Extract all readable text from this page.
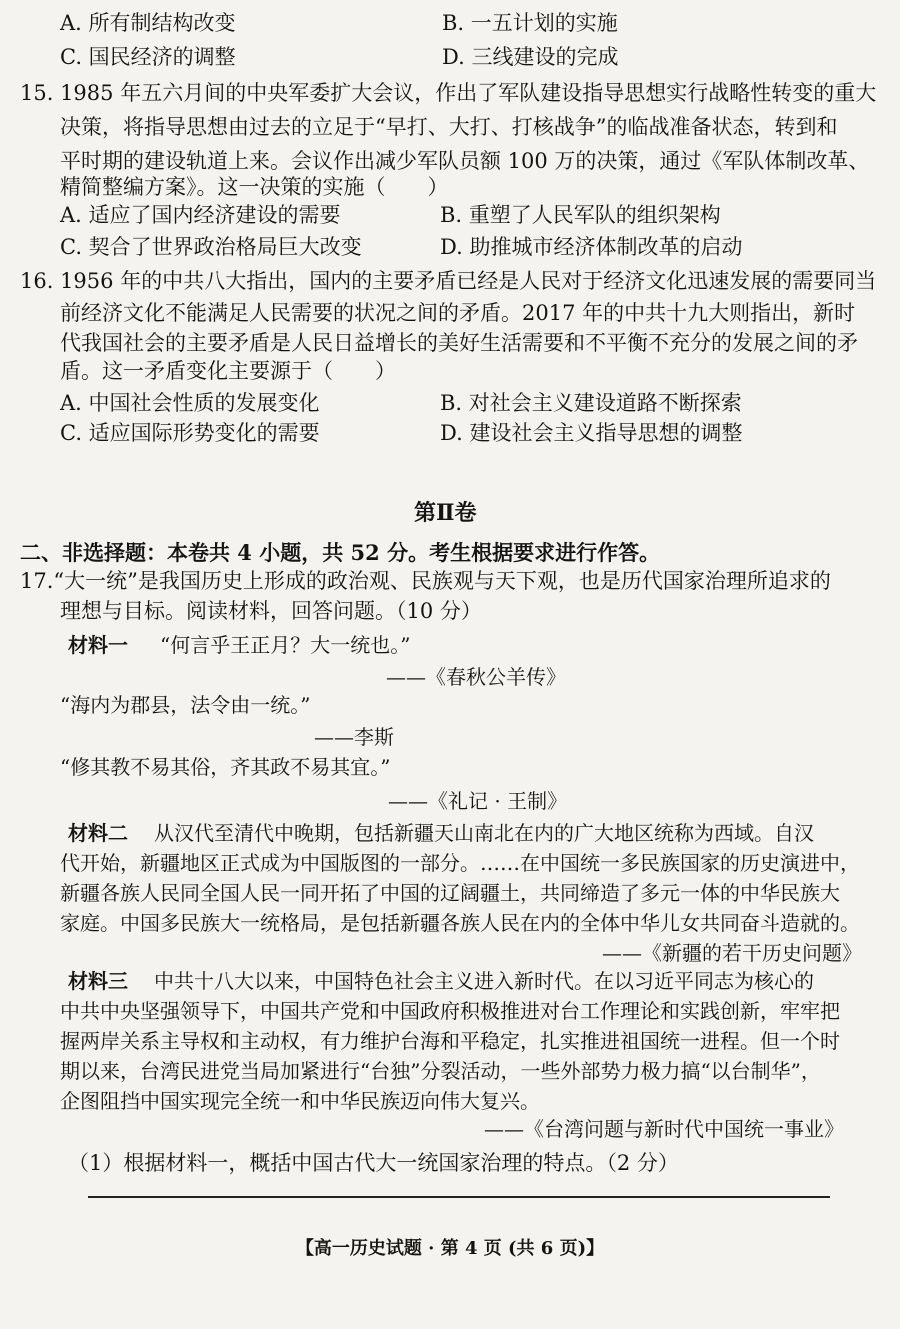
A. 所有制结构改变	B. 一五计划的实施
C. 国民经济的调整	D. 三线建设的完成
15. 1985 年五六月间的中央军委扩大会议，作出了军队建设指导思想实行战略性转变的重大
决策，将指导思想由过去的立足于“早打、大打、打核战争”的临战准备状态，转到和
平时期的建设轨道上来。会议作出减少军队员额 100 万的决策，通过《军队体制改革、
精简整编方案》。这一决策的实施（　　）
A. 适应了国内经济建设的需要	B. 重塑了人民军队的组织架构
C. 契合了世界政治格局巨大改变	D. 助推城市经济体制改革的启动
16. 1956 年的中共八大指出，国内的主要矛盾已经是人民对于经济文化迅速发展的需要同当
前经济文化不能满足人民需要的状况之间的矛盾。2017 年的中共十九大则指出，新时
代我国社会的主要矛盾是人民日益增长的美好生活需要和不平衡不充分的发展之间的矛
盾。这一矛盾变化主要源于（　　）
A. 中国社会性质的发展变化	B. 对社会主义建设道路不断探索
C. 适应国际形势变化的需要	D. 建设社会主义指导思想的调整
第Ⅱ卷
二、非选择题：本卷共 4 小题，共 52 分。考生根据要求进行作答。
17.“大一统”是我国历史上形成的政治观、民族观与天下观，也是历代国家治理所追求的
理想与目标。阅读材料，回答问题。（10 分）
材料一 “何言乎王正月？大一统也。”
——《春秋公羊传》
“海内为郡县，法令由一统。”
——李斯
“修其教不易其俗，齐其政不易其宜。”
——《礼记 · 王制》
材料二 从汉代至清代中晚期，包括新疆天山南北在内的广大地区统称为西域。自汉
代开始，新疆地区正式成为中国版图的一部分。……在中国统一多民族国家的历史演进中，
新疆各族人民同全国人民一同开拓了中国的辽阔疆土，共同缔造了多元一体的中华民族大
家庭。中国多民族大一统格局，是包括新疆各族人民在内的全体中华儿女共同奋斗造就的。
——《新疆的若干历史问题》
材料三 中共十八大以来，中国特色社会主义进入新时代。在以习近平同志为核心的
中共中央坚强领导下，中国共产党和中国政府积极推进对台工作理论和实践创新，牢牢把
握两岸关系主导权和主动权，有力维护台海和平稳定，扎实推进祖国统一进程。但一个时
期以来，台湾民进党当局加紧进行“台独”分裂活动，一些外部势力极力搞“以台制华”，
企图阻挡中国实现完全统一和中华民族迈向伟大复兴。
——《台湾问题与新时代中国统一事业》
（1）根据材料一，概括中国古代大一统国家治理的特点。（2 分）
【高一历史试题 · 第 4 页 (共 6 页)】
